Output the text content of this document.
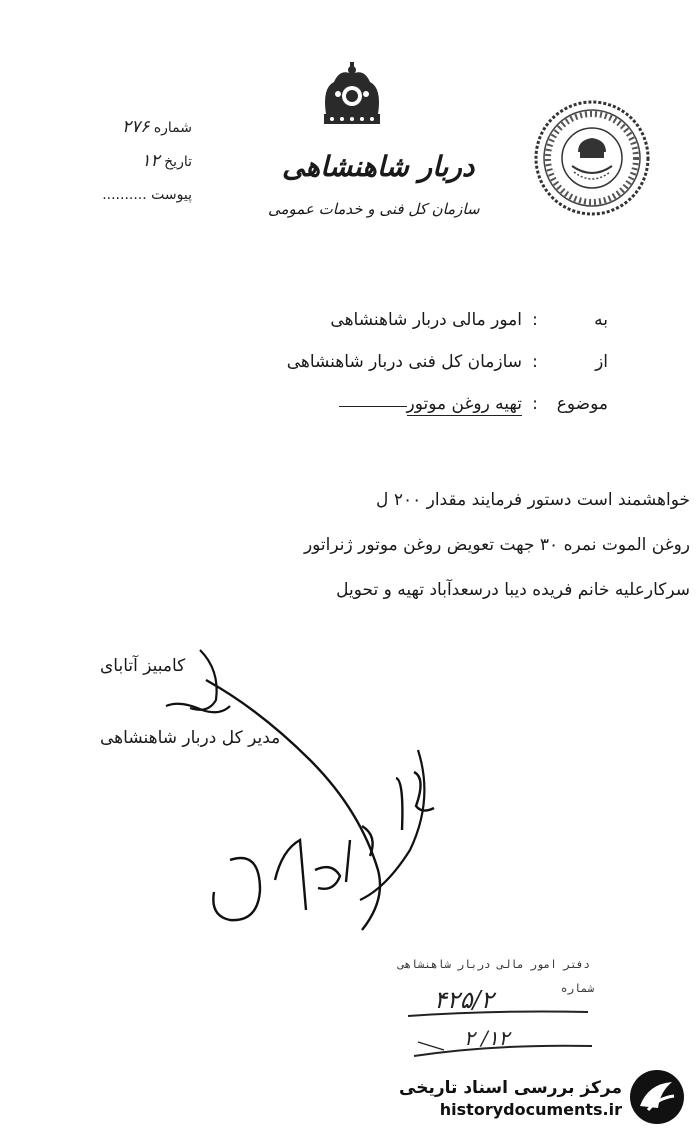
دربار شاهنشاهی
سازمان کل فنی و خدمات عمومی
شماره ۲۷۶
تاریخ ۱۲
پیوست ..........
به:امور مالی دربار شاهنشاهی
از:سازمان کل فنی دربار شاهنشاهی
موضوع:تهیه روغن موتور
خواهشمند است دستور فرمایند مقدار ۲۰۰ ل
روغن الموت نمره ۳۰ جهت تعویض روغن موتور ژنراتور
سرکارعلیه خانم فریده دیبا درسعدآباد تهیه و تحویل
کامبیز آتابای
مدیر کل دربار شاهنشاهی
دفتر امور مالی دربار شاهنشاهی
شماره
۴۲۵/۲
۱۲/ ۲
مرکز بررسی اسناد تاریخی
historydocuments.ir
